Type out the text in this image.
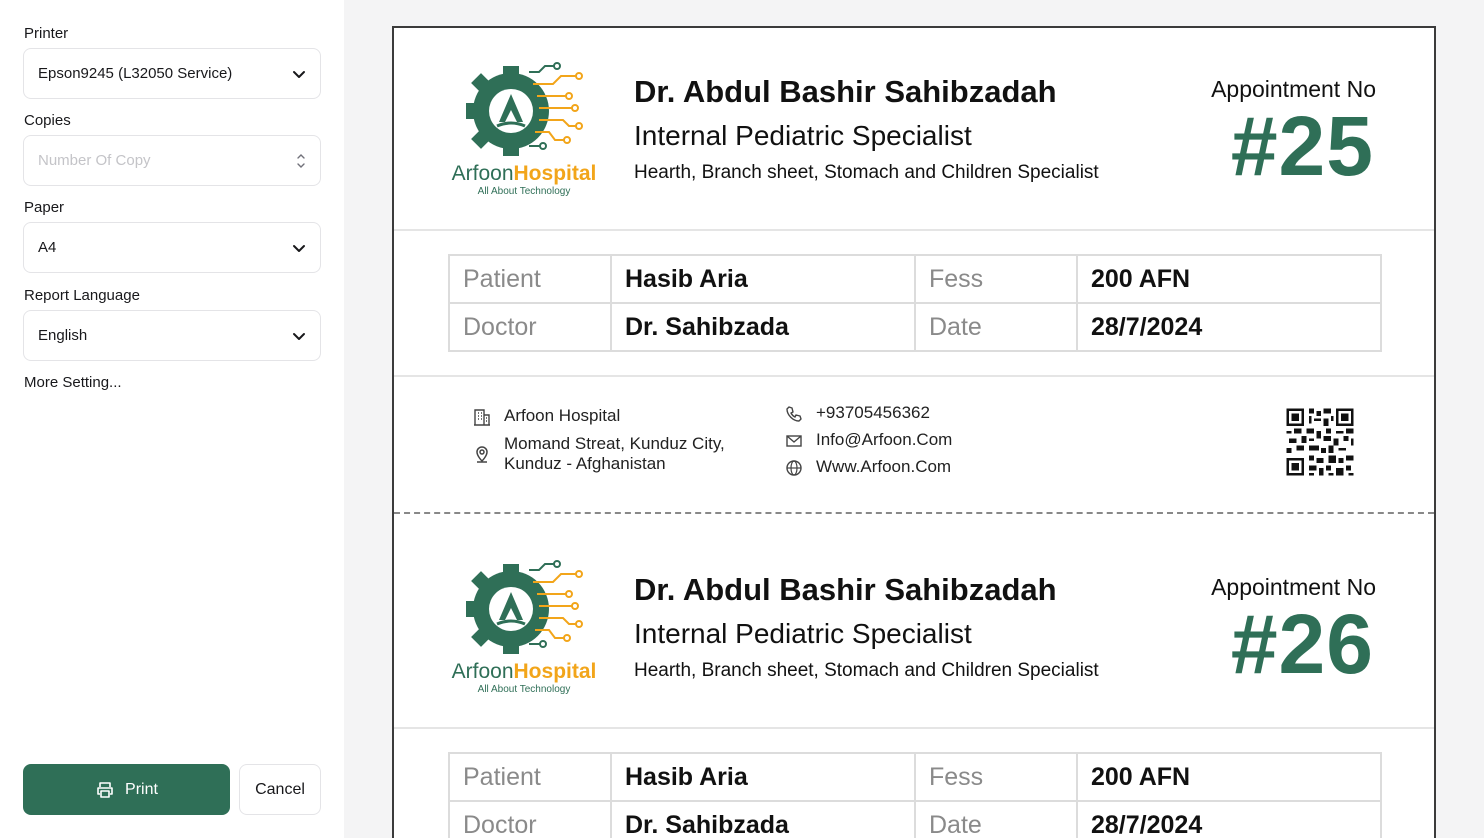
Printer
Epson9245 (L32050 Service)
Copies
Number Of Copy
Paper
A4
Report Language
English
More Setting...
Print	Cancel
ArfoonHospital
All About Technology
Dr. Abdul Bashir Sahibzadah
Internal Pediatric Specialist
Hearth, Branch sheet, Stomach and Children Specialist
Appointment No
#25
Patient	Hasib Aria	Fess	200 AFN
Doctor	Dr. Sahibzada	Date	28/7/2024
Arfoon Hospital
Momand Streat, Kunduz City,
Kunduz - Afghanistan
+93705456362
Info@Arfoon.Com
Www.Arfoon.Com
ArfoonHospital
All About Technology
Dr. Abdul Bashir Sahibzadah
Internal Pediatric Specialist
Hearth, Branch sheet, Stomach and Children Specialist
Appointment No
#26
Patient	Hasib Aria	Fess	200 AFN
Doctor	Dr. Sahibzada	Date	28/7/2024
